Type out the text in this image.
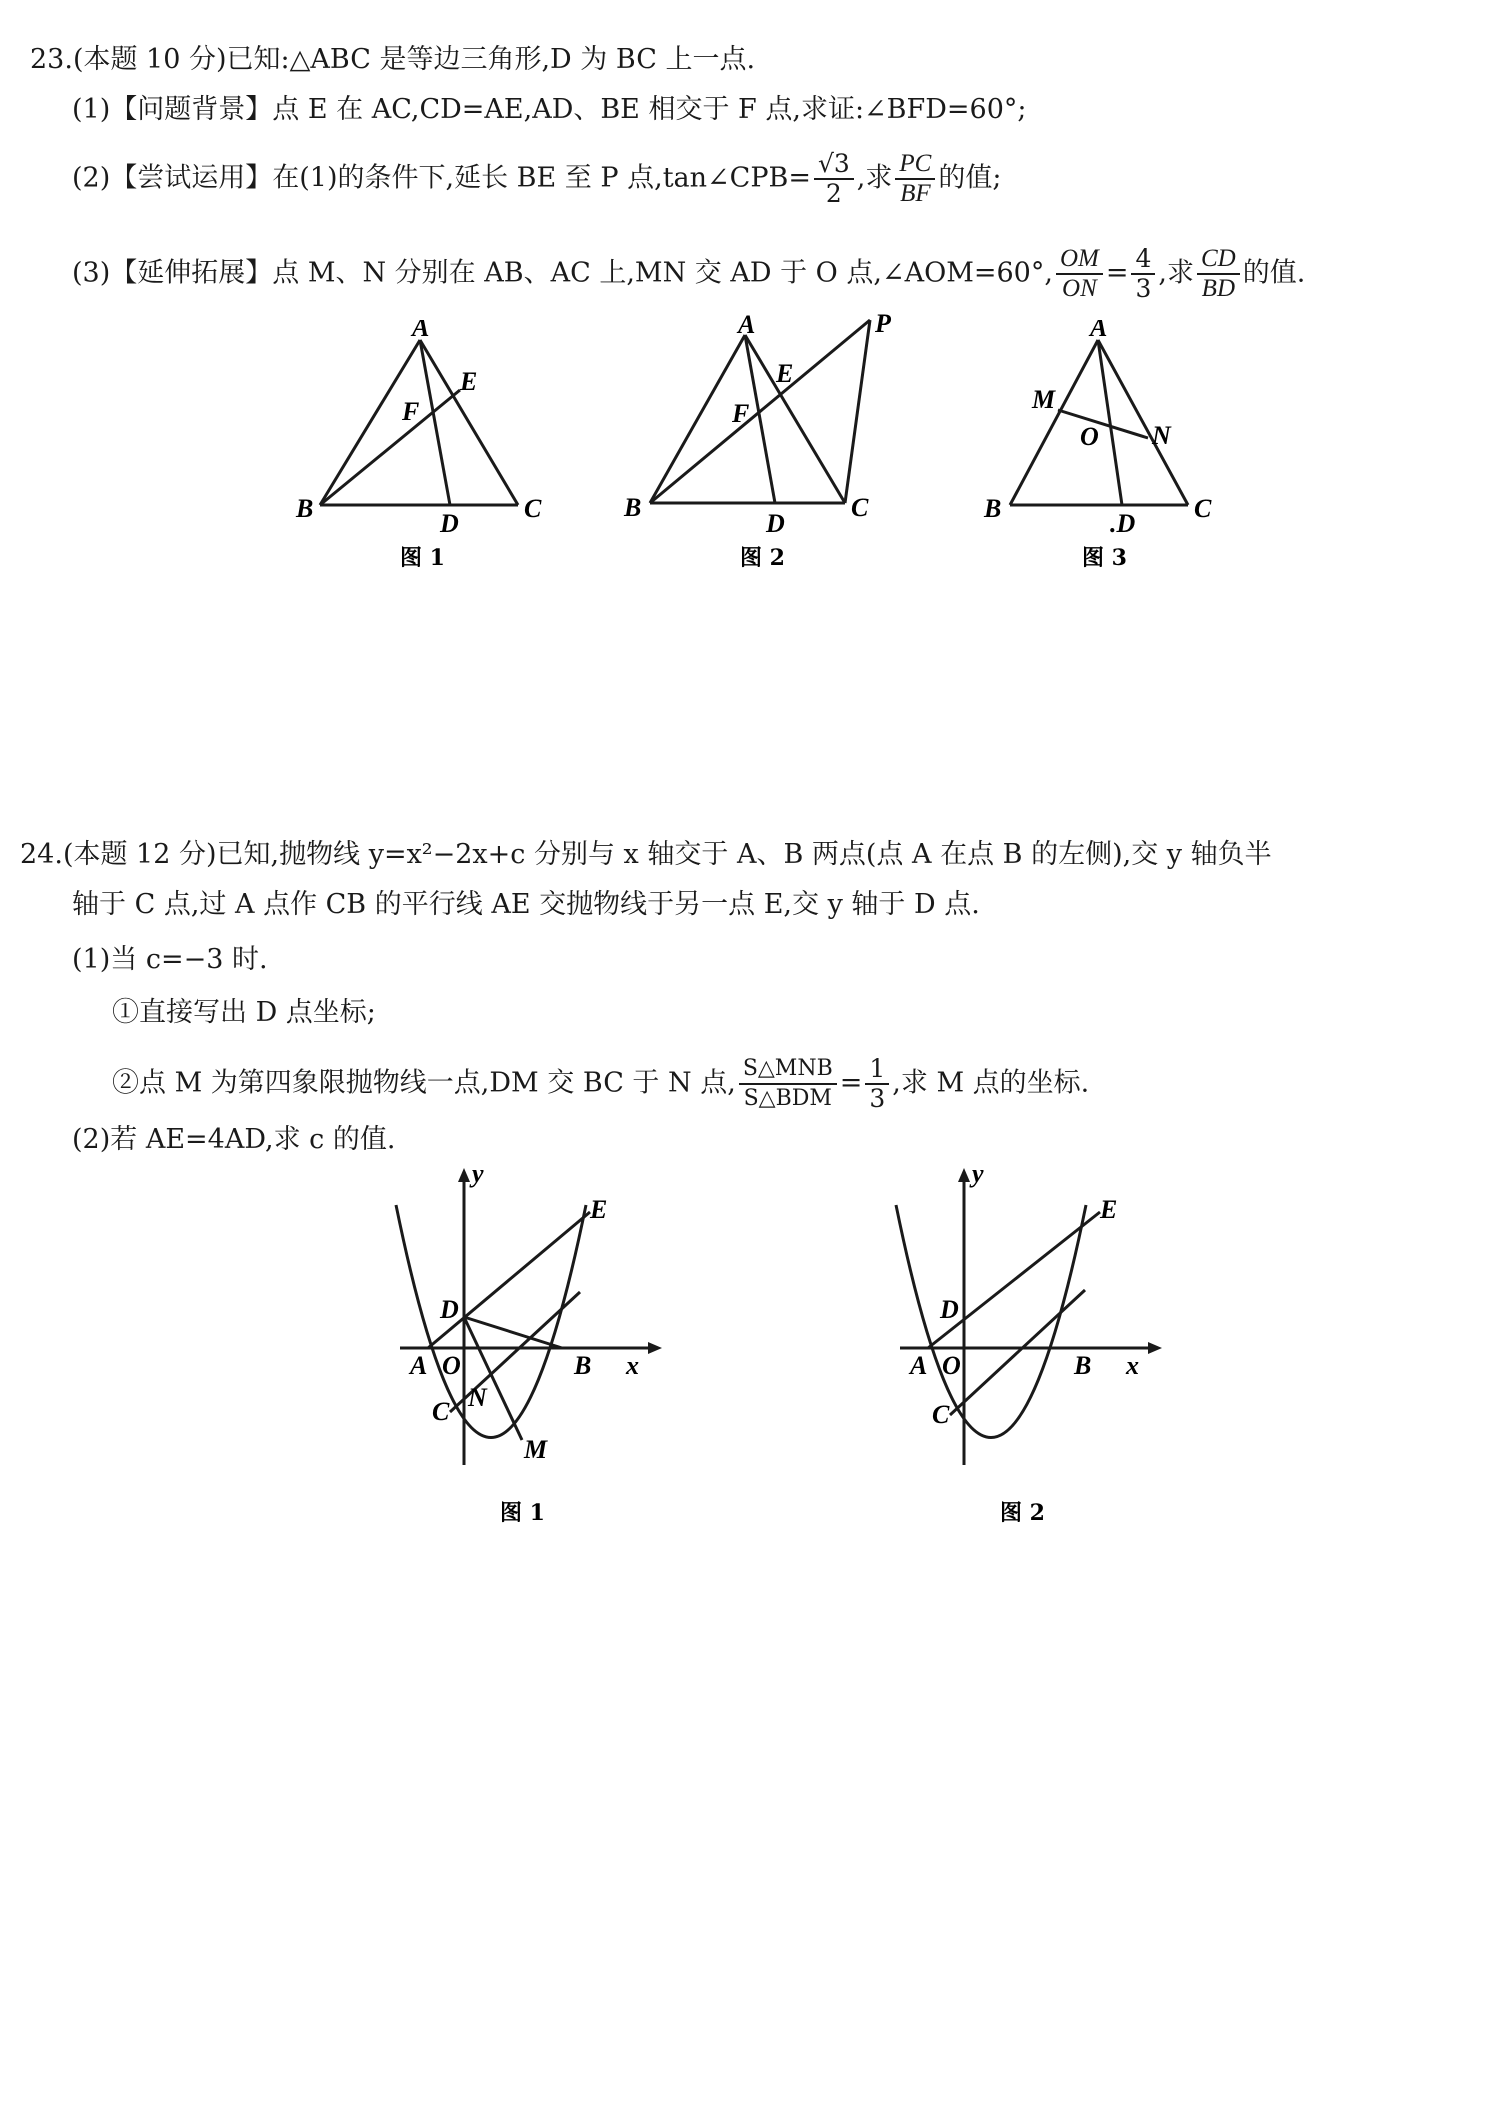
23.(本题 10 分)已知:△ABC 是等边三角形,D 为 BC 上一点.
(1)【问题背景】点 E 在 AC,CD=AE,AD、BE 相交于 F 点,求证:∠BFD=60°;
(2)【尝试运用】在(1)的条件下,延长 BE 至 P 点,tan∠CPB= $\frac{√3}{2}$ ,求 $\frac{PC}{BF}$ 的值;
(3)【延伸拓展】点 M、N 分别在 AB、AC 上,MN 交 AD 于 O 点,∠AOM=60°, $\frac{OM}{ON} = \frac{4}{3}$ ,求 $\frac{CD}{BD}$ 的值.
A
B	C
D
E
F
图 1
A
B	C
D
E
F
P
图 2
A
B	C
.D
M
N
O
图 3
24.(本题 12 分)已知,抛物线 y=x²−2x+c 分别与 x 轴交于 A、B 两点(点 A 在点 B 的左侧),交 y 轴负半
轴于 C 点,过 A 点作 CB 的平行线 AE 交抛物线于另一点 E,交 y 轴于 D 点.
(1)当 c=−3 时.
①直接写出 D 点坐标;
②点 M 为第四象限抛物线一点,DM 交 BC 于 N 点, $\frac{\text{S△MNB}}{\text{S△BDM}} = \frac{1}{3}$ ,求 M 点的坐标.
(2)若 AE=4AD,求 c 的值.
y
x
E
D
A O	B
C N
M
图 1
y
x
E
D
A O	B
C
图 2
